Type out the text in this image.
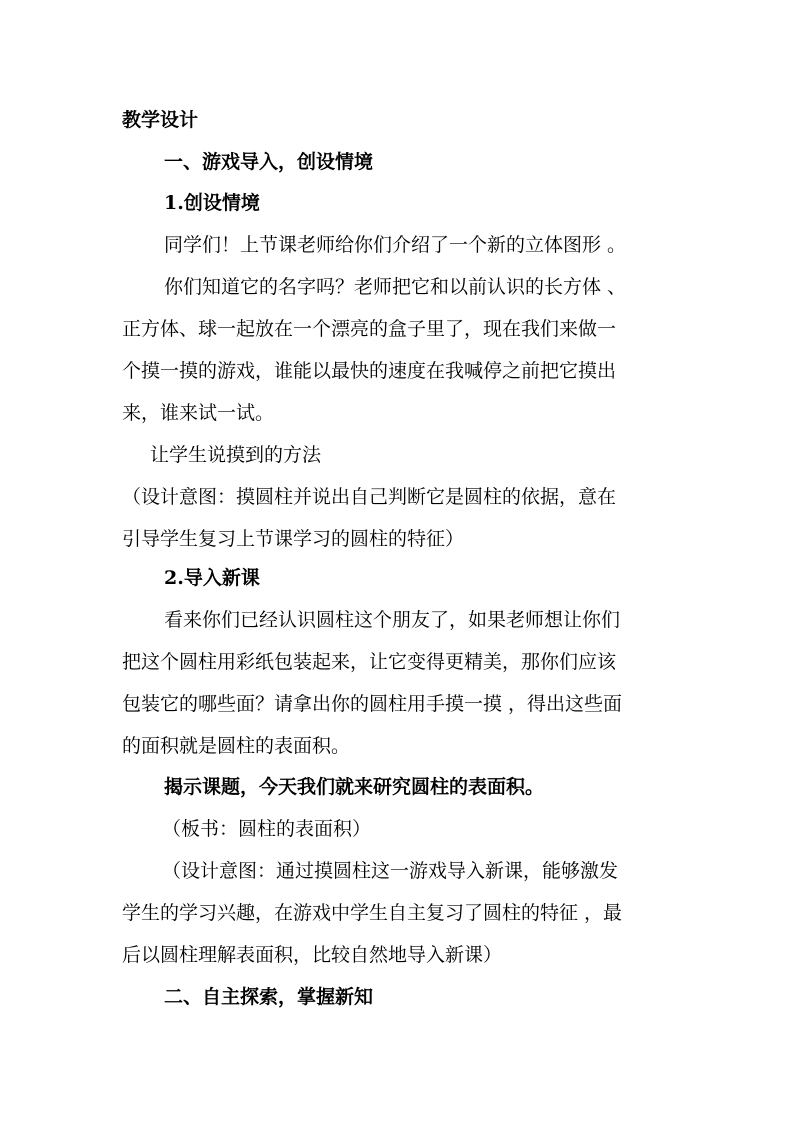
教学设计
一、游戏导入，创设情境
1.创设情境
同学们！上节课老师给你们介绍了一个新的立体图形 。
你们知道它的名字吗？老师把它和以前认识的长方体 、
正方体、球一起放在一个漂亮的盒子里了，现在我们来做一
个摸一摸的游戏，谁能以最快的速度在我喊停之前把它摸出
来，谁来试一试。
让学生说摸到的方法
（设计意图：摸圆柱并说出自己判断它是圆柱的依据，意在
引导学生复习上节课学习的圆柱的特征）
2.导入新课
看来你们已经认识圆柱这个朋友了，如果老师想让你们
把这个圆柱用彩纸包装起来，让它变得更精美，那你们应该
包装它的哪些面？请拿出你的圆柱用手摸一摸 ，得出这些面
的面积就是圆柱的表面积。
揭示课题，今天我们就来研究圆柱的表面积。
（板书：圆柱的表面积）
（设计意图：通过摸圆柱这一游戏导入新课，能够激发
学生的学习兴趣，在游戏中学生自主复习了圆柱的特征 ，最
后以圆柱理解表面积，比较自然地导入新课）
二、自主探索，掌握新知
